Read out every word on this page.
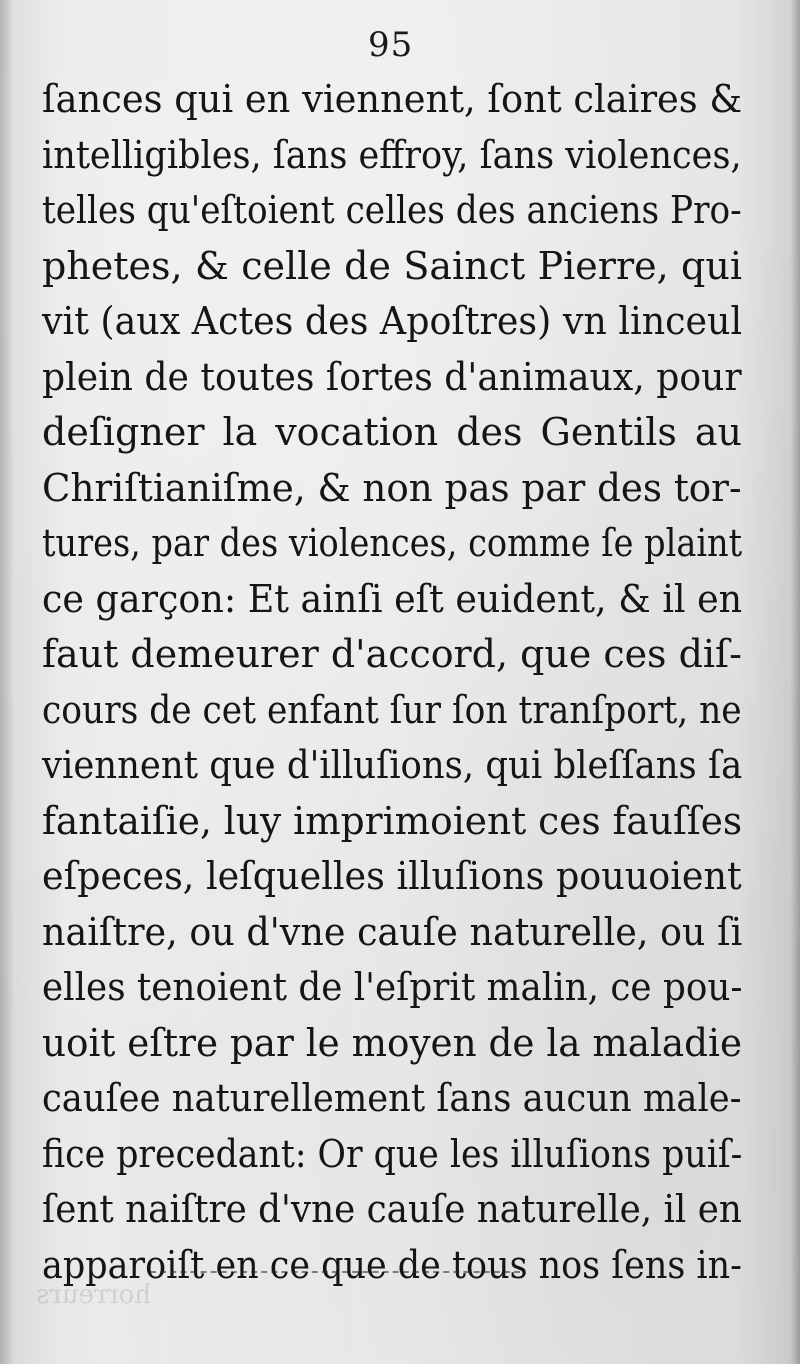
95
ſances qui en viennent, ſont claires &
intelligibles, ſans effroy, ſans violences,
telles qu'eſtoient celles des anciens Pro-
phetes, & celle de Sainct Pierre, qui
vit (aux Actes des Apoſtres) vn linceul
plein de toutes ſortes d'animaux, pour
deſigner la vocation des Gentils au
Chriſtianiſme, & non pas par des tor-
tures, par des violences, comme ſe plaint
ce garçon: Et ainſi eſt euident, & il en
faut demeurer d'accord, que ces diſ-
cours de cet enfant ſur ſon tranſport, ne
viennent que d'illuſions, qui bleſſans ſa
fantaiſie, luy imprimoient ces fauſſes
eſpeces, leſquelles illuſions pouuoient
naiſtre, ou d'vne cauſe naturelle, ou ſi
elles tenoient de l'eſprit malin, ce pou-
uoit eſtre par le moyen de la maladie
cauſee naturellement ſans aucun male-
fice precedant: Or que les illuſions puiſ-
ſent naiſtre d'vne cauſe naturelle, il en
apparoiſt en ce que de tous nos ſens in-
horreurs
